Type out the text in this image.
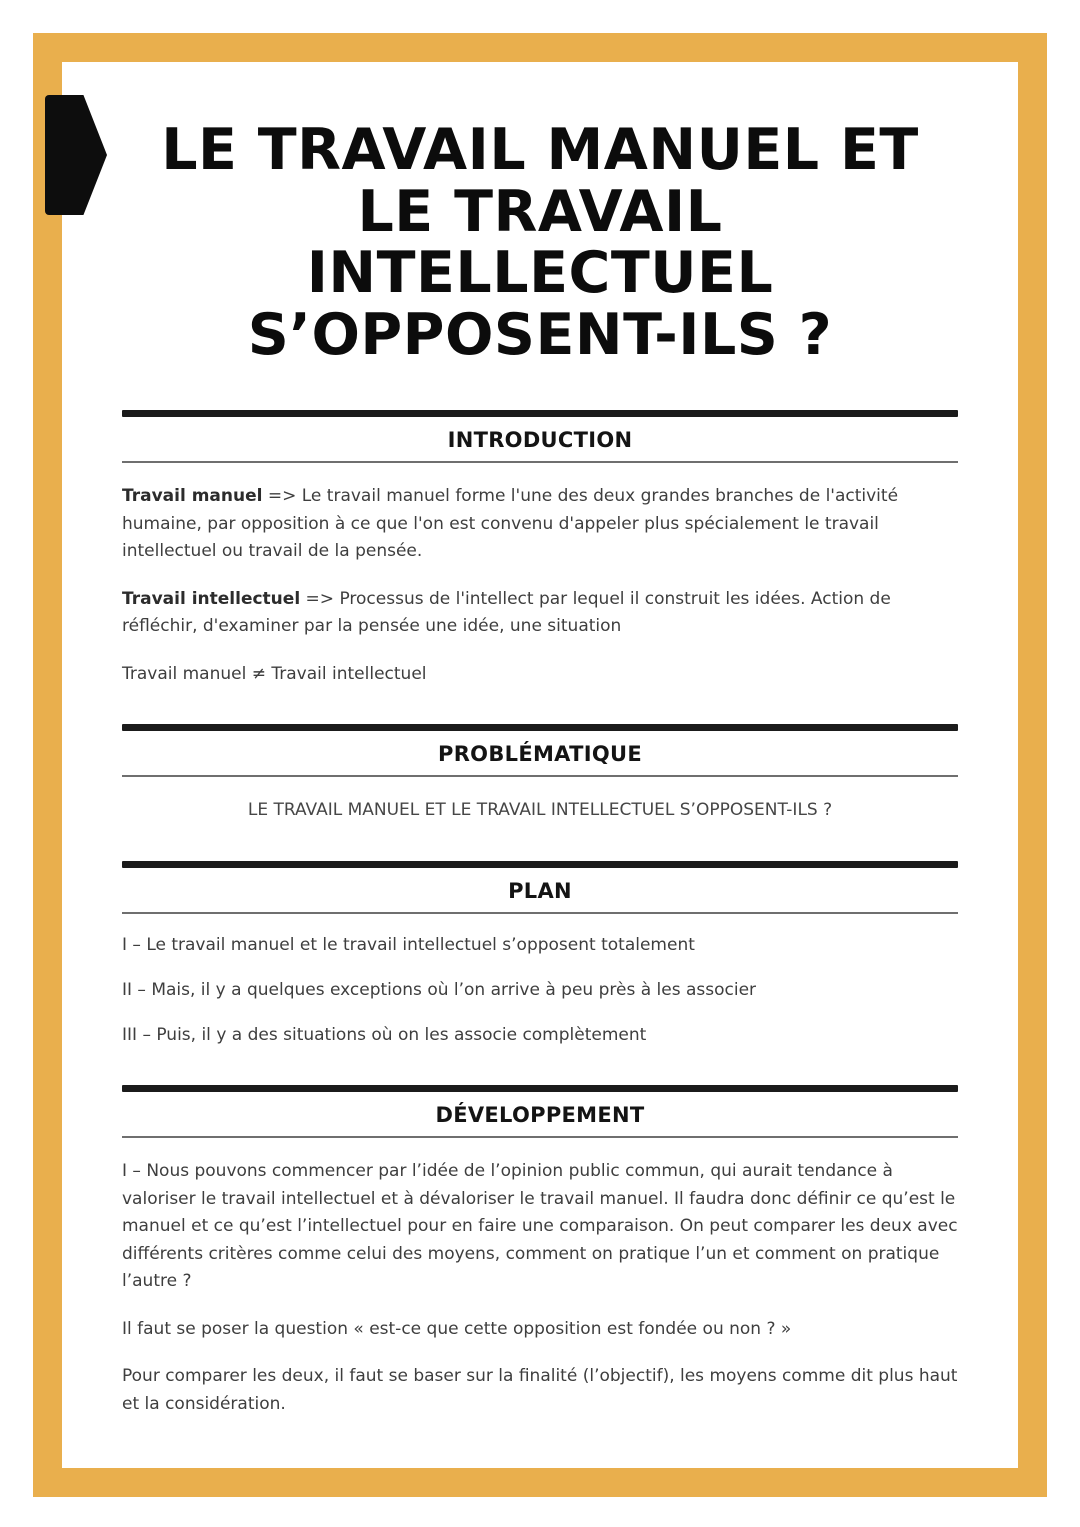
LE TRAVAIL MANUEL ET
LE TRAVAIL
INTELLECTUEL
S’OPPOSENT-ILS ?
INTRODUCTION

Travail manuel => Le travail manuel forme l'une des deux grandes branches de l'activité humaine, par opposition à ce que l'on est convenu d'appeler plus spécialement le travail intellectuel ou travail de la pensée.

Travail intellectuel => Processus de l'intellect par lequel il construit les idées. Action de réfléchir, d'examiner par la pensée une idée, une situation

Travail manuel ≠ Travail intellectuel

PROBLÉMATIQUE

LE TRAVAIL MANUEL ET LE TRAVAIL INTELLECTUEL S’OPPOSENT-ILS ?

PLAN

I – Le travail manuel et le travail intellectuel s’opposent totalement

II – Mais, il y a quelques exceptions où l’on arrive à peu près à les associer

III – Puis, il y a des situations où on les associe complètement

DÉVELOPPEMENT

I – Nous pouvons commencer par l’idée de l’opinion public commun, qui aurait tendance à valoriser le travail intellectuel et à dévaloriser le travail manuel. Il faudra donc définir ce qu’est le manuel et ce qu’est l’intellectuel pour en faire une comparaison. On peut comparer les deux avec différents critères comme celui des moyens, comment on pratique l’un et comment on pratique l’autre ?

Il faut se poser la question « est-ce que cette opposition est fondée ou non ? »

Pour comparer les deux, il faut se baser sur la finalité (l’objectif), les moyens comme dit plus haut et la considération.
